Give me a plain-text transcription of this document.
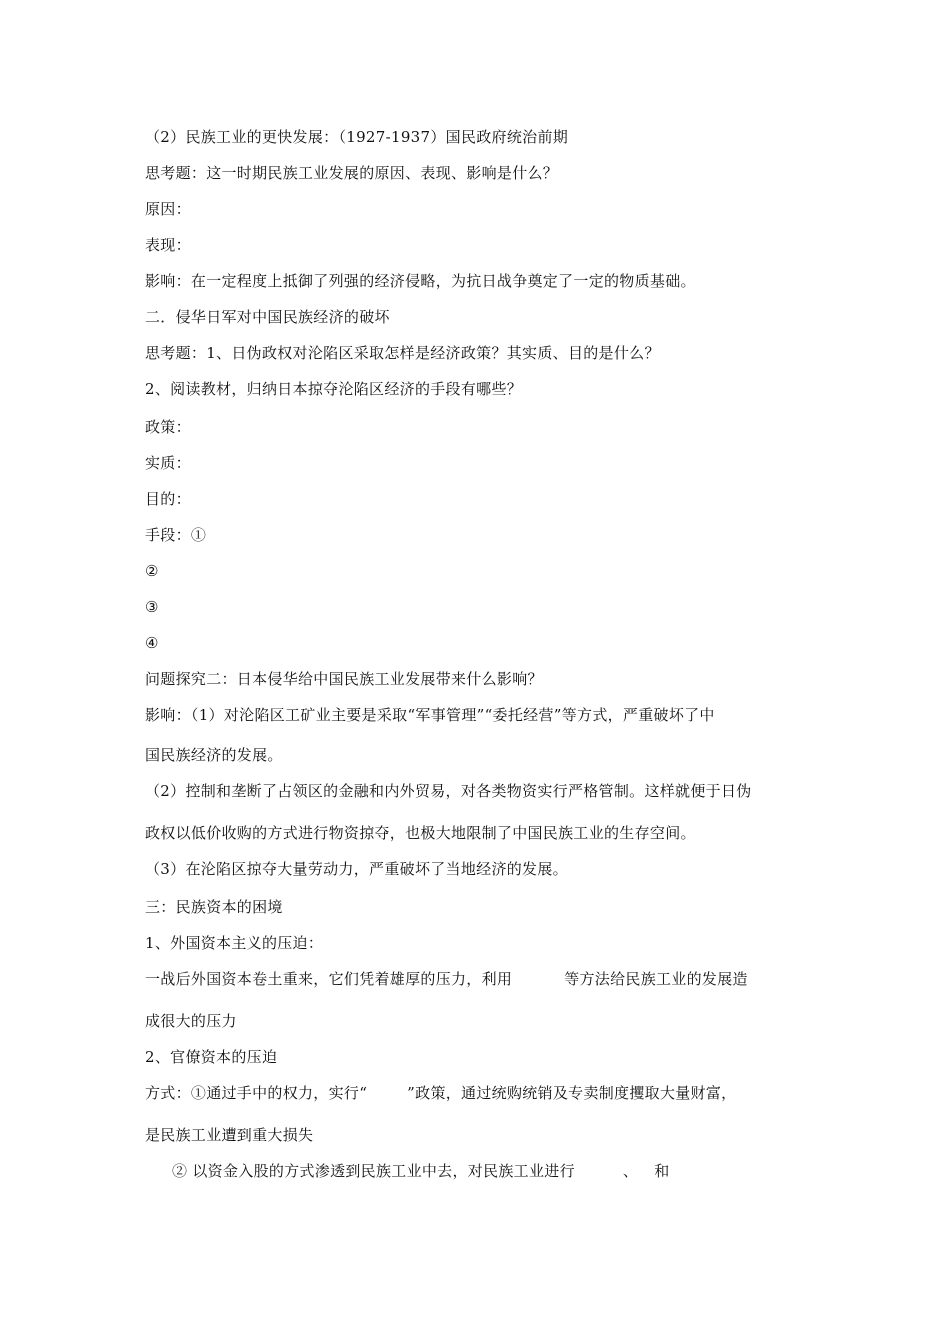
（2）民族工业的更快发展：（1927-1937）国民政府统治前期
思考题：这一时期民族工业发展的原因、表现、影响是什么？
原因：
表现：
影响：在一定程度上抵御了列强的经济侵略，为抗日战争奠定了一定的物质基础。
二．侵华日军对中国民族经济的破坏
思考题：1、日伪政权对沦陷区采取怎样是经济政策？其实质、目的是什么？
2、阅读教材，归纳日本掠夺沦陷区经济的手段有哪些？
政策：
实质：
目的：
手段：①
②
③
④
问题探究二：日本侵华给中国民族工业发展带来什么影响？
影响：（1）对沦陷区工矿业主要是采取“军事管理”“委托经营”等方式，严重破坏了中
国民族经济的发展。
（2）控制和垄断了占领区的金融和内外贸易，对各类物资实行严格管制。这样就便于日伪
政权以低价收购的方式进行物资掠夺，也极大地限制了中国民族工业的生存空间。
（3）在沦陷区掠夺大量劳动力，严重破坏了当地经济的发展。
三：民族资本的困境
1、外国资本主义的压迫：
一战后外国资本卷土重来，它们凭着雄厚的压力，利用	等方法给民族工业的发展造
成很大的压力
2、官僚资本的压迫
方式：①通过手中的权力，实行“	”政策，通过统购统销及专卖制度攫取大量财富，
是民族工业遭到重大损失
② 以资金入股的方式渗透到民族工业中去，对民族工业进行	、 和
